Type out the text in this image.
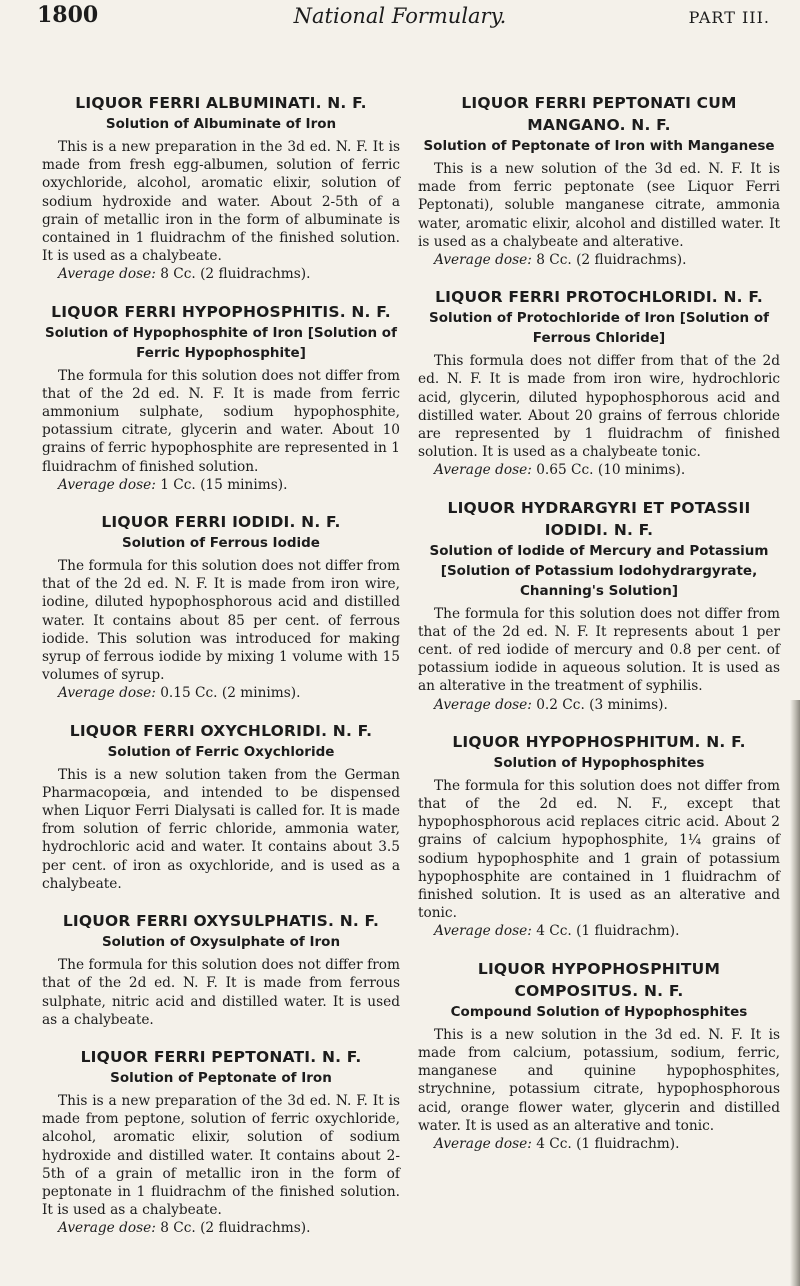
1800	National Formulary.	PART III.
LIQUOR FERRI ALBUMINATI. N. F.
Solution of Albuminate of Iron

This is a new preparation in the 3d ed. N. F. It is made from fresh egg-albumen, solution of ferric oxychloride, alcohol, aromatic elixir, solution of sodium hydroxide and water. About 2-5th of a grain of metallic iron in the form of albuminate is contained in 1 fluidrachm of the finished solution. It is used as a chalybeate.

Average dose: 8 Cc. (2 fluidrachms).
LIQUOR FERRI HYPOPHOSPHITIS. N. F.
Solution of Hypophosphite of Iron [Solution of Ferric Hypophosphite]

The formula for this solution does not differ from that of the 2d ed. N. F. It is made from ferric ammonium sulphate, sodium hypophosphite, potassium citrate, glycerin and water. About 10 grains of ferric hypophosphite are represented in 1 fluidrachm of finished solution.

Average dose: 1 Cc. (15 minims).
LIQUOR FERRI IODIDI. N. F.
Solution of Ferrous Iodide

The formula for this solution does not differ from that of the 2d ed. N. F. It is made from iron wire, iodine, diluted hypophosphorous acid and distilled water. It contains about 85 per cent. of ferrous iodide. This solution was introduced for making syrup of ferrous iodide by mixing 1 volume with 15 volumes of syrup.

Average dose: 0.15 Cc. (2 minims).
LIQUOR FERRI OXYCHLORIDI. N. F.
Solution of Ferric Oxychloride

This is a new solution taken from the German Pharmacopœia, and intended to be dispensed when Liquor Ferri Dialysati is called for. It is made from solution of ferric chloride, ammonia water, hydrochloric acid and water. It contains about 3.5 per cent. of iron as oxychloride, and is used as a chalybeate.

LIQUOR FERRI OXYSULPHATIS. N. F.
Solution of Oxysulphate of Iron

The formula for this solution does not differ from that of the 2d ed. N. F. It is made from ferrous sulphate, nitric acid and distilled water. It is used as a chalybeate.

LIQUOR FERRI PEPTONATI. N. F.
Solution of Peptonate of Iron

This is a new preparation of the 3d ed. N. F. It is made from peptone, solution of ferric oxychloride, alcohol, aromatic elixir, solution of sodium hydroxide and distilled water. It contains about 2-5th of a grain of metallic iron in the form of peptonate in 1 fluidrachm of the finished solution. It is used as a chalybeate.

Average dose: 8 Cc. (2 fluidrachms).
LIQUOR FERRI PEPTONATI CUM MANGANO. N. F.
Solution of Peptonate of Iron with Manganese

This is a new solution of the 3d ed. N. F. It is made from ferric peptonate (see Liquor Ferri Peptonati), soluble manganese citrate, ammonia water, aromatic elixir, alcohol and distilled water. It is used as a chalybeate and alterative.

Average dose: 8 Cc. (2 fluidrachms).
LIQUOR FERRI PROTOCHLORIDI. N. F.
Solution of Protochloride of Iron [Solution of Ferrous Chloride]

This formula does not differ from that of the 2d ed. N. F. It is made from iron wire, hydrochloric acid, glycerin, diluted hypophosphorous acid and distilled water. About 20 grains of ferrous chloride are represented by 1 fluidrachm of finished solution. It is used as a chalybeate tonic.

Average dose: 0.65 Cc. (10 minims).
LIQUOR HYDRARGYRI ET POTASSII IODIDI. N. F.
Solution of Iodide of Mercury and Potassium [Solution of Potassium Iodohydrargyrate, Channing's Solution]

The formula for this solution does not differ from that of the 2d ed. N. F. It represents about 1 per cent. of red iodide of mercury and 0.8 per cent. of potassium iodide in aqueous solution. It is used as an alterative in the treatment of syphilis.

Average dose: 0.2 Cc. (3 minims).
LIQUOR HYPOPHOSPHITUM. N. F.
Solution of Hypophosphites

The formula for this solution does not differ from that of the 2d ed. N. F., except that hypophosphorous acid replaces citric acid. About 2 grains of calcium hypophosphite, 1¼ grains of sodium hypophosphite and 1 grain of potassium hypophosphite are contained in 1 fluidrachm of finished solution. It is used as an alterative and tonic.

Average dose: 4 Cc. (1 fluidrachm).
LIQUOR HYPOPHOSPHITUM COMPOSITUS. N. F.
Compound Solution of Hypophosphites

This is a new solution in the 3d ed. N. F. It is made from calcium, potassium, sodium, ferric, manganese and quinine hypophosphites, strychnine, potassium citrate, hypophosphorous acid, orange flower water, glycerin and distilled water. It is used as an alterative and tonic.

Average dose: 4 Cc. (1 fluidrachm).
